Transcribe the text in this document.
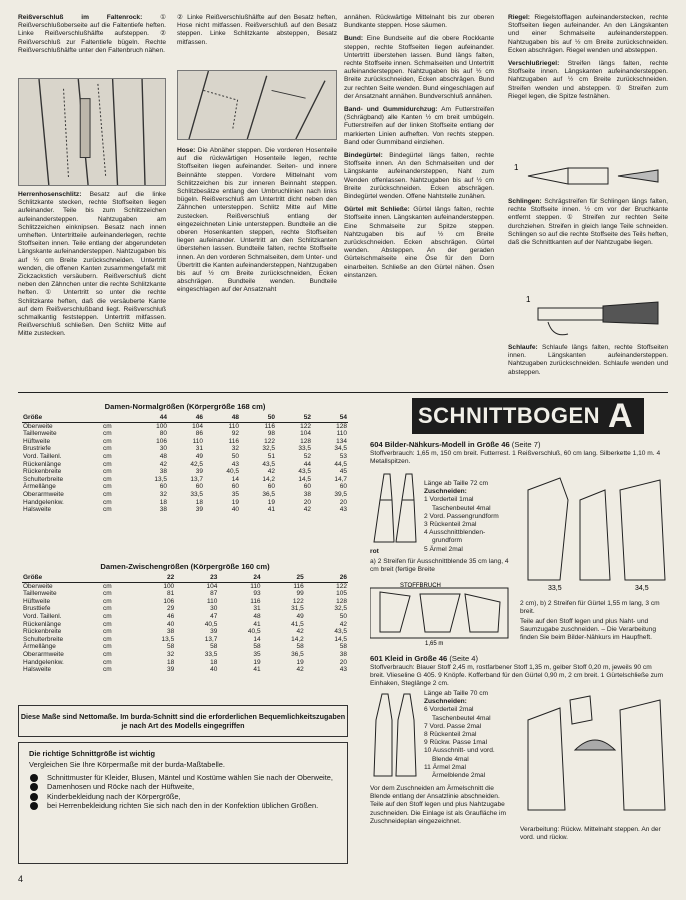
Reißverschluß im Faltenrock: ① Reißverschlußoberseite auf die Faltentiefe heften. Linke Reißverschlußhälfte aufsteppen. ② Reißverschluß zur Faltentiefe bügeln. Rechte Reißverschlußhälfte unter den Faltenbruch nähen.
Herrenhosenschlitz: Besatz auf die linke Schlitzkante stecken, rechte Stoffseiten liegen aufeinander. Teile bis zum Schlitzzeichen aufeinandersteppen. Nahtzugaben am Schlitzzeichen einknipsen. Besatz nach innen umheften. Untertritteile aufeinanderlegen, rechte Stoffseiten innen. Teile entlang der abgerundeten Längskante aufeinandersteppen. Nahtzugaben bis auf ½ cm Breite zurückschneiden. Untertritt wenden, die offenen Kanten zusammengefaßt mit Zickzackstich versäubern. Reißverschluß dicht neben den Zähnchen unter die rechte Schlitzkante heften. ① Untertritt so unter die rechte Schlitzkante heften, daß die versäuberte Kante auf dem Reißverschlußband liegt. Reißverschluß schmalkantig feststeppen. Untertritt mitfassen. Reißverschluß schließen. Den Schlitz Mitte auf Mitte zustecken.
② Linke Reißverschlußhälfte auf den Besatz heften, Hose nicht mitfassen. Reißverschluß auf den Besatz steppen. Linke Schlitzkante absteppen, Besatz mitfassen.
Hose: Die Abnäher steppen. Die vorderen Hosenteile auf die rückwärtigen Hosenteile legen, rechte Stoffseiten liegen aufeinander. Seiten- und innere Beinnähte steppen. Vordere Mittelnaht vom Schlitzzeichen bis zur inneren Beinnaht steppen. Schlitzbesätze entlang den Umbruchlinien nach links bügeln. Reißverschluß am Untertritt dicht neben den Zähnchen untersteppen. Schlitz Mitte auf Mitte zustecken. Reißverschluß entlang der eingezeichneten Linie untersteppen. Bundteile an die oberen Hosenkanten steppen, rechte Stoffseiten liegen aufeinander. Untertritt an den Schlitzkanten überstehen lassen. Bundteile falten, rechte Stoffseite innen. An den vorderen Schmalseiten, dem Unter- und Übertritt die Kanten aufeinandersteppen, Nahtzugaben bis auf ½ cm Breite zurückschneiden, Ecken abschrägen. Bundteile wenden. Bundteile eingeschlagen auf der Ansatznaht

annähen. Rückwärtige Mittelnaht bis zur oberen Bundkante steppen. Hose säumen.

Bund: Eine Bundseite auf die obere Rockkante steppen, rechte Stoffseiten liegen aufeinander. Untertritt überstehen lassen. Bund längs falten, rechte Stoffseite innen. Schmalseiten und Untertritt aufeinandersteppen. Nahtzugaben bis auf ½ cm Breite zurückschneiden, Ecken abschrägen. Bund zur rechten Seite wenden. Bund eingeschlagen auf der Ansatznaht annähen. Bundverschluß annähen.

Band- und Gummidurchzug: Am Futterstreifen (Schrägband) alle Kanten ½ cm breit umbügeln. Futterstreifen auf der linken Stoffseite entlang der markierten Linien aufheften. Von rechts steppen. Band oder Gummiband einziehen.

Bindegürtel: Bindegürtel längs falten, rechte Stoffseite innen. An den Schmalseiten und der Längskante aufeinandersteppen, Naht zum Wenden offenlassen. Nahtzugaben bis auf ½ cm Breite zurückschneiden. Ecken abschrägen. Bindegürtel wenden. Offene Nahtstelle zunähen.

Gürtel mit Schließe: Gürtel längs falten, rechte Stoffseite innen. Längskanten aufeinandersteppen. Eine Schmalseite zur Spitze steppen. Nahtzugaben bis auf ½ cm Breite zurückschneiden. Ecken abschrägen. Gürtel wenden. Absteppen. An der geraden Gürtelschmalseite eine Öse für den Dorn einarbeiten. Schließe an den Gürtel nähen. Ösen einstanzen.

Riegel: Riegelstofflagen aufeinanderstecken, rechte Stoffseiten liegen aufeinander. An den Längskanten und einer Schmalseite aufeinandersteppen. Nahtzugaben bis auf ½ cm Breite zurückschneiden. Ecken abschrägen. Riegel wenden und absteppen.

Verschlußriegel: Streifen längs falten, rechte Stoffseite innen. Längskanten aufeinandersteppen. Nahtzugaben auf ½ cm Breite zurückschneiden. Streifen wenden und absteppen. ① Streifen zum Riegel legen, die Spitze festnähen.

1
Schlingen: Schrägstreifen für Schlingen längs falten, rechte Stoffseite innen. ½ cm vor der Bruchkante entfernt steppen. ① Streifen zur rechten Seite durchziehen. Streifen in gleich lange Teile schneiden. Schlingen so auf die rechte Stoffseite des Teils heften, daß die Schnittkanten auf der Nahtzugabe liegen.
1
Schlaufe: Schlaufe längs falten, rechte Stoffseiten innen. Längskanten aufeinandersteppen. Nahtzugaben zurückschneiden. Schlaufe wenden und absteppen.
Damen-Normalgrößen (Körpergröße 168 cm)
Größe		44	46	48	50	52	54
Oberweite	cm	100	104	110	116	122	128
Taillenweite	cm	80	86	92	98	104	110
Hüftweite	cm	106	110	116	122	128	134
Brustriefe	cm	30	31	32	32,5	33,5	34,5
Vord. Taillenl.	cm	48	49	50	51	52	53
Rückenlänge	cm	42	42,5	43	43,5	44	44,5
Rückenbreite	cm	38	39	40,5	42	43,5	45
Schulterbreite	cm	13,5	13,7	14	14,2	14,5	14,7
Ärmellänge	cm	60	60	60	60	60	60
Oberarmweite	cm	32	33,5	35	36,5	38	39,5
Handgelenkw.	cm	18	18	19	19	20	20
Halsweite	cm	38	39	40	41	42	43
Damen-Zwischengrößen (Körpergröße 160 cm)
Größe		22	23	24	25	26
Oberweite	cm	100	104	110	116	122
Taillenweite	cm	81	87	93	99	105
Hüftweite	cm	106	110	116	122	128
Brusttiefe	cm	29	30	31	31,5	32,5
Vord. Taillenl.	cm	46	47	48	49	50
Rückenlänge	cm	40	40,5	41	41,5	42
Rückenbreite	cm	38	39	40,5	42	43,5
Schulterbreite	cm	13,5	13,7	14	14,2	14,5
Ärmellänge	cm	58	58	58	58	58
Oberarmweite	cm	32	33,5	35	36,5	38
Handgelenkw.	cm	18	18	19	19	20
Halsweite	cm	39	40	41	42	43
Diese Maße sind Nettomaße. Im burda-Schnitt sind die erforderlichen Bequemlichkeitszugaben je nach Art des Modells eingegriffen
Die richtige Schnittgröße ist wichtig
Vergleichen Sie Ihre Körpermaße mit der burda-Maßtabelle.
Schnittmuster für Kleider, Blusen, Mäntel und Kostüme wählen Sie nach der Oberweite,
Damenhosen und Röcke nach der Hüftweite,
Kinderbekleidung nach der Körpergröße,
bei Herrenbekleidung richten Sie sich nach den in der Konfektion üblichen Größen.
4
SCHNITTBOGEN A
604 Bilder-Nähkurs-Modell in Größe 46 (Seite 7)
Stoffverbrauch: 1,65 m, 150 cm breit. Futterrest. 1 Reißverschluß, 60 cm lang. Silberkette 1,10 m. 4 Metallspitzen.
Länge ab Taille 72 cm
Zuschneiden:
1 Vorderteil 1mal
Taschenbeutel 4mal
2 Vord. Passengrundform
3 Rückenteil 2mal
4 Ausschnittblenden-
grundform
5 Ärmel 2mal
rot
33,5	34,5
a) 2 Streifen für Ausschnittblende 35 cm lang, 4 cm breit (fertige Breite
STOFFBRUCH
1,65 m
2 cm), b) 2 Streifen für Gürtel 1,55 m lang, 3 cm breit.
Teile auf den Stoff legen und plus Naht- und Saumzugabe zuschneiden. – Die Verarbeitung finden Sie beim Bilder-Nähkurs im Haupfheft.
601 Kleid in Größe 46 (Seite 4)
Stoffverbrauch: Blauer Stoff 2,45 m, rostfarbener Stoff 1,35 m, gelber Stoff 0,20 m, jeweils 90 cm breit. Vlieseline G 405. 9 Knöpfe. Kofferband für den Gürtel 0,90 m, 2 cm breit. 1 Gürtelschließe zum Einhaken, Steglänge 2 cm.
Länge ab Taille 70 cm
Zuschneiden:
6 Vorderteil 2mal
Taschenbeutel 4mal
7 Vord. Passe 2mal
8 Rückenteil 2mal
9 Rückw. Passe 1mal
10 Ausschnitt- und vord.
Blende 4mal
11 Ärmel 2mal
Ärmelblende 2mal
Vor dem Zuschneiden am Ärmelschnitt die Blende entlang der Ansatzlinie abschneiden. Teile auf den Stoff legen und plus Nahtzugabe zuschneiden. Die Einlage ist als Graufläche im Zuschneideplan eingezeichnet.
Verarbeitung: Rückw. Mittelnaht steppen. An der vord. und rückw.
